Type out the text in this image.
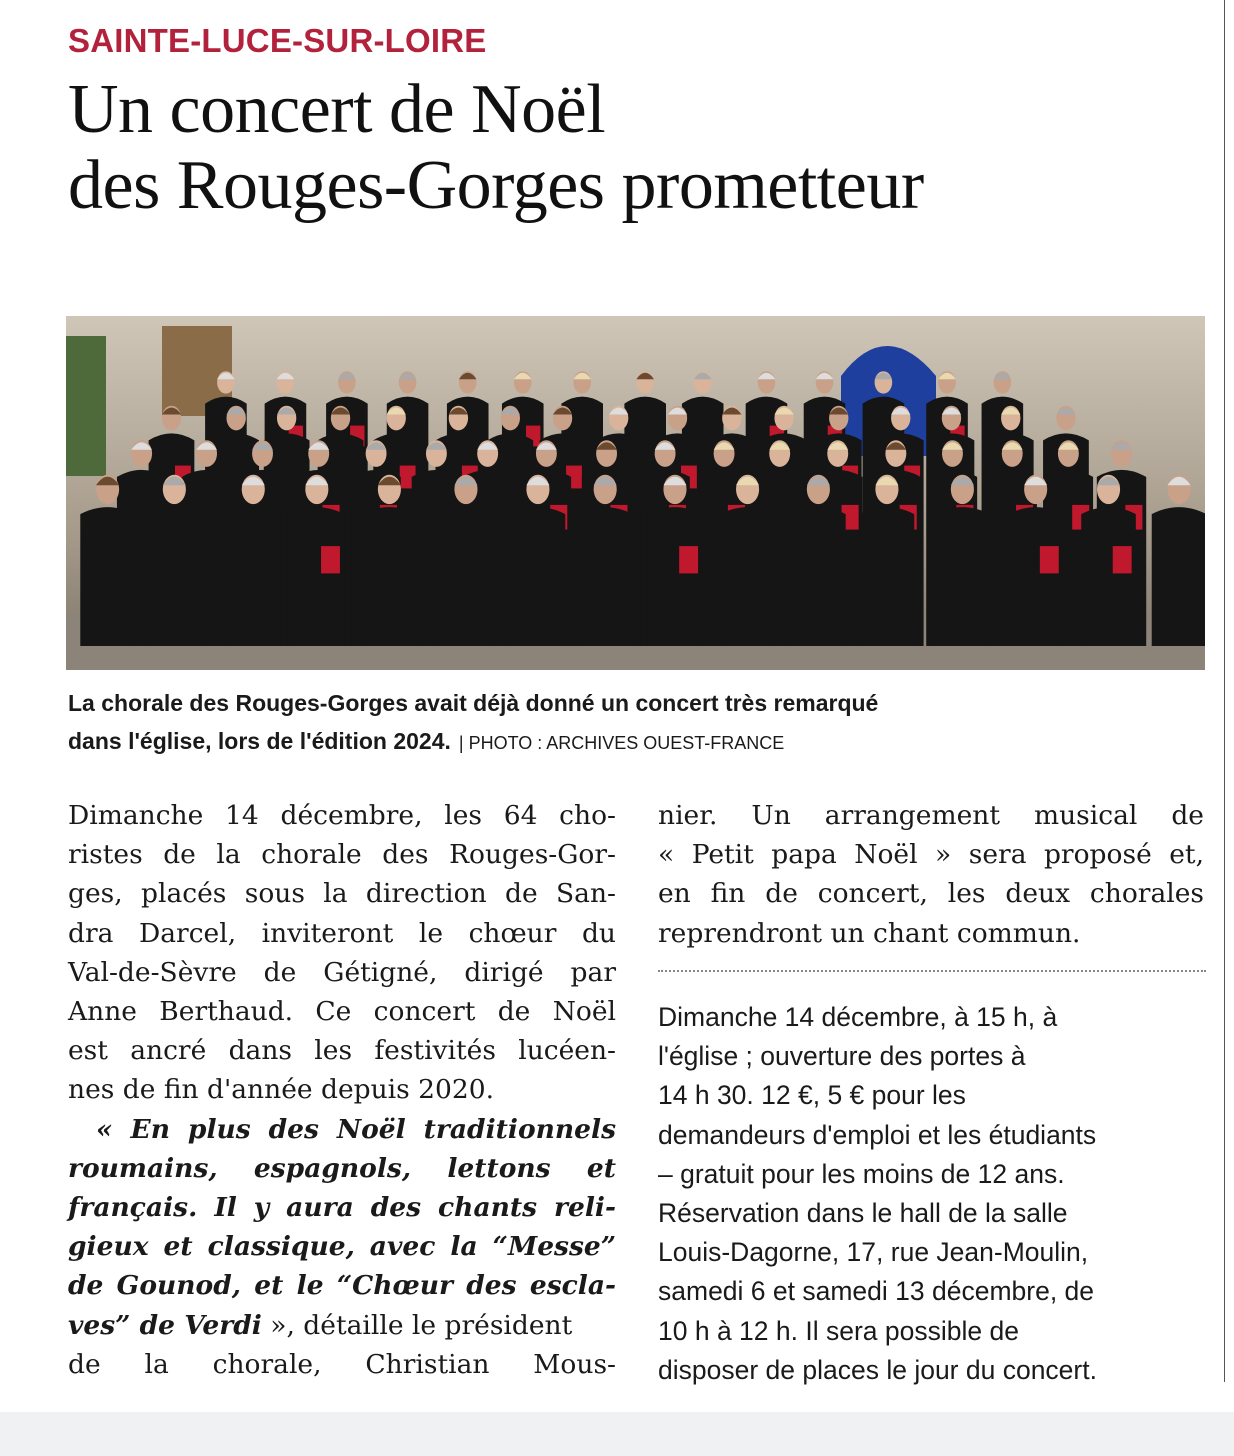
SAINTE-LUCE-SUR-LOIRE
Un concert de Noël
des Rouges-Gorges prometteur
La chorale des Rouges-Gorges avait déjà donné un concert très remarqué
dans l'église, lors de l'édition 2024. | PHOTO : ARCHIVES OUEST-FRANCE
Dimanche 14 décembre, les 64 cho-
ristes de la chorale des Rouges-Gor-
ges, placés sous la direction de San-
dra Darcel, inviteront le chœur du
Val-de-Sèvre de Gétigné, dirigé par
Anne Berthaud. Ce concert de Noël
est ancré dans les festivités lucéen-
nes de fin d'année depuis 2020.
« En plus des Noël traditionnels
roumains, espagnols, lettons et
français. Il y aura des chants reli-
gieux et classique, avec la “Messe”
de Gounod, et le “Chœur des escla-
ves” de Verdi », détaille le président
de la chorale, Christian Mous-
nier. Un arrangement musical de
« Petit papa Noël » sera proposé et,
en fin de concert, les deux chorales
reprendront un chant commun.
Dimanche 14 décembre, à 15 h, à
l'église ; ouverture des portes à
14 h 30. 12 €, 5 € pour les
demandeurs d'emploi et les étudiants
– gratuit pour les moins de 12 ans.
Réservation dans le hall de la salle
Louis-Dagorne, 17, rue Jean-Moulin,
samedi 6 et samedi 13 décembre, de
10 h à 12 h. Il sera possible de
disposer de places le jour du concert.
